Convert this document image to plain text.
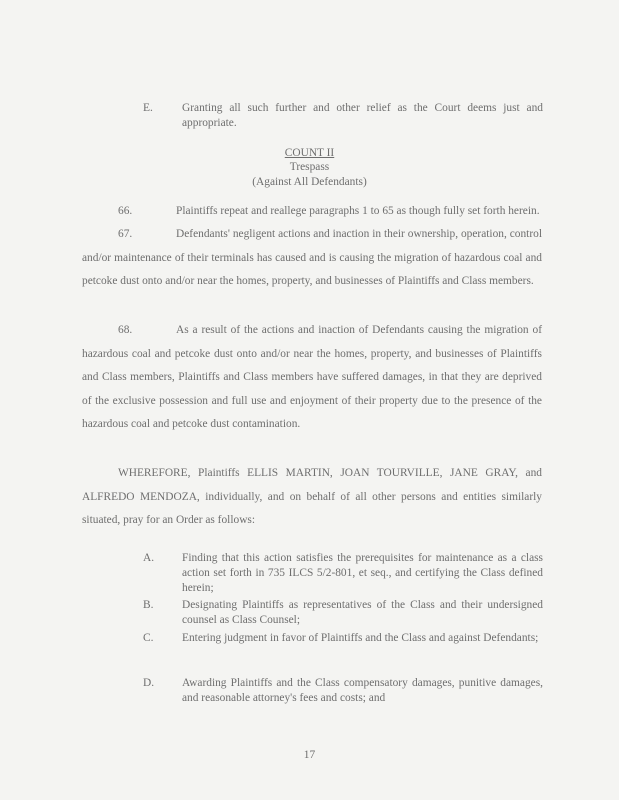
E.	Granting all such further and other relief as the Court deems just and appropriate.
COUNT II
Trespass
(Against All Defendants)
66.	Plaintiffs repeat and reallege paragraphs 1 to 65 as though fully set forth herein.
67.	Defendants' negligent actions and inaction in their ownership, operation, control and/or maintenance of their terminals has caused and is causing the migration of hazardous coal and petcoke dust onto and/or near the homes, property, and businesses of Plaintiffs and Class members.
68.	As a result of the actions and inaction of Defendants causing the migration of hazardous coal and petcoke dust onto and/or near the homes, property, and businesses of Plaintiffs and Class members, Plaintiffs and Class members have suffered damages, in that they are deprived of the exclusive possession and full use and enjoyment of their property due to the presence of the hazardous coal and petcoke dust contamination.
WHEREFORE, Plaintiffs ELLIS MARTIN, JOAN TOURVILLE, JANE GRAY, and ALFREDO MENDOZA, individually, and on behalf of all other persons and entities similarly situated, pray for an Order as follows:
A.	Finding that this action satisfies the prerequisites for maintenance as a class action set forth in 735 ILCS 5/2-801, et seq., and certifying the Class defined herein;
B.	Designating Plaintiffs as representatives of the Class and their undersigned counsel as Class Counsel;
C.	Entering judgment in favor of Plaintiffs and the Class and against Defendants;
D.	Awarding Plaintiffs and the Class compensatory damages, punitive damages, and reasonable attorney's fees and costs; and
17
